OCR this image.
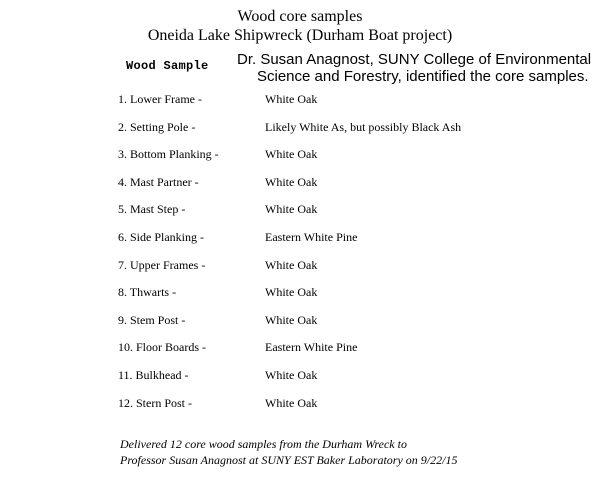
Wood core samples
Oneida Lake Shipwreck (Durham Boat project)
Wood Sample Dr. Susan Anagnost, SUNY College of Environmental
Science and Forestry, identified the core samples.
1. Lower Frame -	White Oak
2. Setting Pole -	Likely White As, but possibly Black Ash
3. Bottom Planking -	White Oak
4. Mast Partner -	White Oak
5. Mast Step -	White Oak
6. Side Planking -	Eastern White Pine
7. Upper Frames -	White Oak
8. Thwarts -	White Oak
9. Stem Post -	White Oak
10. Floor Boards -	Eastern White Pine
11. Bulkhead -	White Oak
12. Stern Post -	White Oak
Delivered 12 core wood samples from the Durham Wreck to
Professor Susan Anagnost at SUNY EST Baker Laboratory on 9/22/15
